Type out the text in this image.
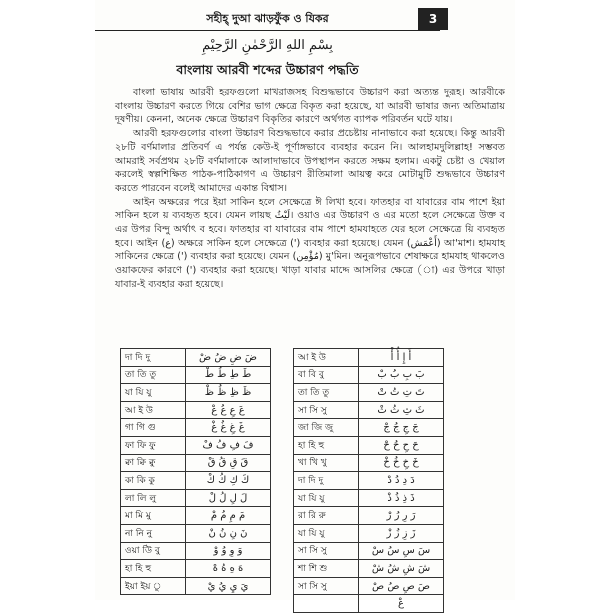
সহীহ্ দুআ ঝাড়ফুঁক ও যিকর	3
بِسْمِ اللهِ الرَّحْمٰنِ الرَّحِيْمِ
বাংলায় আরবী শব্দের উচ্চারণ পদ্ধতি

বাংলা ভাষায় আরবী হরফগুলো মাখরাজসহ বিশুদ্ধভাবে উচ্চারণ করা অত্যন্ত দুরূহ। আরবীকে বাংলায় উচ্চারণ করতে গিয়ে বেশির ভাগ ক্ষেত্রে বিকৃত করা হয়েছে, যা আরবী ভাষার জন্য অতিমাত্রায় দূষণীয়। কেননা, অনেক ক্ষেত্রে উচ্চারণ বিকৃতির কারণে অর্থগত ব্যাপক পরিবর্তন ঘটে যায়।

আরবী হরফগুলোর বাংলা উচ্চারণ বিশুদ্ধভাবে করার প্রচেষ্টায় নানাভাবে করা হয়েছে। কিন্তু আরবী ২৮টি বর্ণমালার প্রতিবর্ণ এ পর্যন্ত কেউ-ই পূর্ণাঙ্গভাবে ব্যবহার করেন নি। আলহামদুলিল্লাহ! সম্ভবত আমরাই সর্বপ্রথম ২৮টি বর্ণমালাকে আলাদাভাবে উপস্থাপন করতে সক্ষম হলাম। একটু চেষ্টা ও খেয়াল করলেই স্বল্পশিক্ষিত পাঠক-পাঠিকাগণ এ উচ্চারণ রীতিমালা আয়ত্ব করে মোটামুটি শুদ্ধভাবে উচ্চারণ করতে পারবেন বলেই আমাদের একান্ত বিশ্বাস।

আইন অক্ষরের পরে ইয়া সাকিন হলে সেক্ষেত্রে ঈ লিখা হবে। ফাতহার বা যাবারের বাম পাশে ইয়া সাকিন হলে য় ব্যবহৃত হবে। যেমন লায়ছ لَيْثُ। ওয়াও এর উচ্চারণ ও এর মতো হলে সেক্ষেত্রে উক্ত ব এর উপর বিন্দু অর্থাৎ ব হবে। ফাতহার বা যাবারের বাম পাশে হামযাহতে যের হলে সেক্ষেত্রে য়ি ব্যবহৃত হবে। আইন (ع) অক্ষরে সাকিন হলে সেক্ষেত্রে (') ব্যবহার করা হয়েছে। যেমন (أَعْمَش) আ'মাশ। হামযাহ সাকিনের ক্ষেত্রে (') ব্যবহার করা হয়েছে। যেমন (مُؤْمِن) মু'মিন। অনুরূপভাবে শেষাক্ষরে হামযাহ থাকলেও ওয়াকফের কারণে (') ব্যবহার করা হয়েছে। খাড়া যাবার মাদ্দে আসলির ক্ষেত্রে (া) এর উপরে খাড়া যাবার-ই ব্যবহার করা হয়েছে।

দা দি দু	ضَ ضِ ضُ ضْ
তা তি তু	طَ طِ طُ طْ
যা যি যু	ظَ ظِ ظُ ظْ
আ ই উ	عَ عِ عُ عْ
গা গি গু	غَ غِ غُ غْ
ফা ফি ফু	فَ فِ فُ فْ
ক্বা ক্বি ক্বু	قَ قِ قُ قْ
কা কি কু	كَ كِ كُ كْ
লা লি লু	لَ لِ لُ لْ
মা মি মু	مَ مِ مُ مْ
না নি নু	نَ نِ نُ نْ
ওয়া উি বু	وَ وِ وُ وْ
হা হি হু	هَ هِ هُ هْ
ইয়া ইয় ু	يَ يِ يُ يْ
আ ই উ	أَ إِ أُ أْ
বা বি বু	بَ بِ بُ بْ
তা তি তু	تَ تِ تُ تْ
সা সি সু	ثَ ثِ ثُ ثْ
জা জি জু	جَ جِ جُ جْ
হা হি হু	حَ حِ حُ حْ
খা খি খু	خَ خِ خُ خْ
দা দি দু	دَ دِ دُ دْ
যা যি যু	ذَ ذِ ذُ ذْ
রা রি রু	رَ رِ رُ رْ
যা যি যু	زَ زِ زُ زْ
সা সি সু	سَ سِ سُ سْ
শা শি শু	شَ شِ شُ شْ
সা সি সু	صَ صِ صُ صْ
	عْ
